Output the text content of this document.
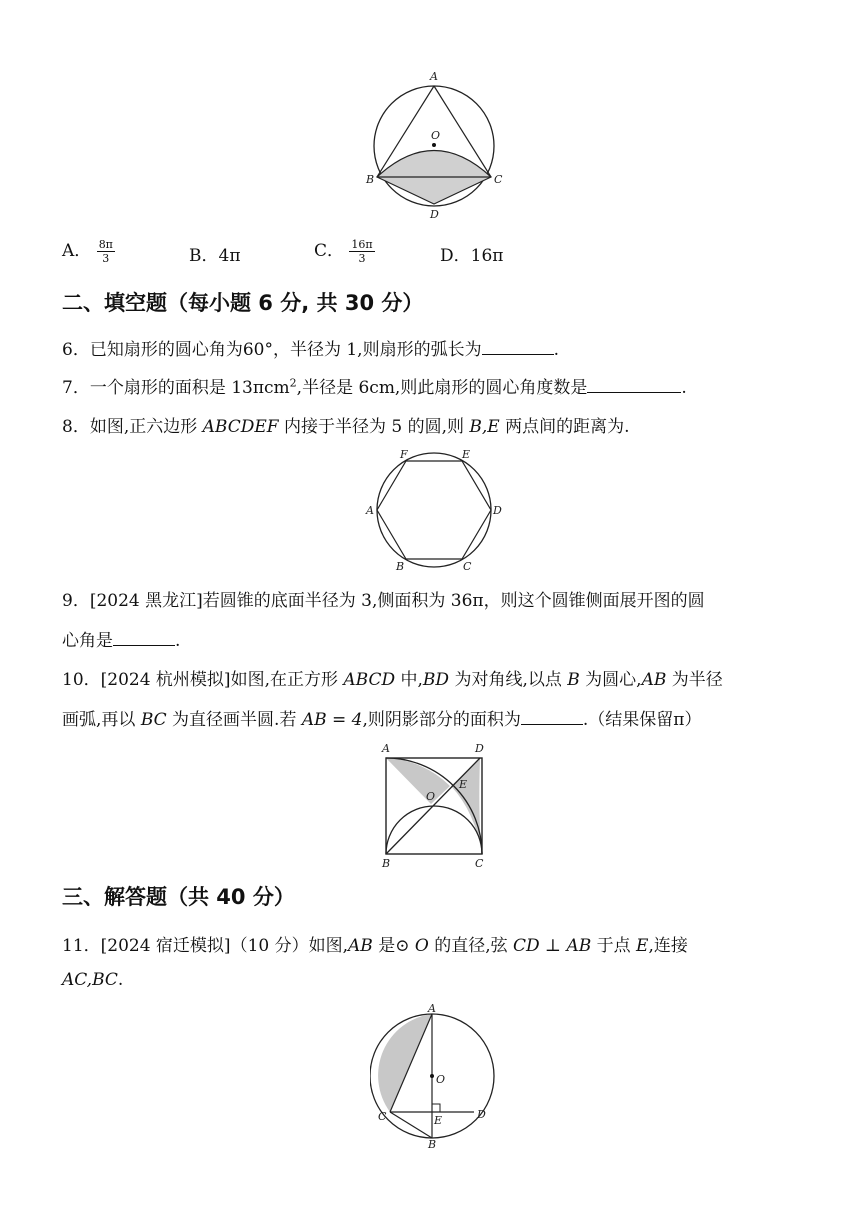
A
O
B	C
D
A． $\frac{8\pi}{3}$	B．4π	C． $\frac{16\pi}{3}$	D．16π
二、填空题（每小题 6 分, 共 30 分）
6．已知扇形的圆心角为60°，半径为 1,则扇形的弧长为	.
7．一个扇形的面积是 13πcm$^2$,半径是 6cm,则此扇形的圆心角度数是	.
8．如图,正六边形 ABCDEF 内接于半径为 5 的圆,则 B,E 两点间的距离为.
F	E
A	D
B	C
9．[2024 黑龙江]若圆锥的底面半径为 3,侧面积为 36π，则这个圆锥侧面展开图的圆
心角是	.
10．[2024 杭州模拟]如图,在正方形 ABCD 中,BD 为对角线,以点 B 为圆心,AB 为半径
画弧,再以 BC 为直径画半圆.若 AB = 4,则阴影部分的面积为	.（结果保留π）
A	D
O
E
B	C
三、解答题（共 40 分）
11．[2024 宿迁模拟]（10 分）如图,AB 是⊙ O 的直径,弦 CD ⊥ AB 于点 E,连接
AC,BC.
A
O
C	E	D
B
